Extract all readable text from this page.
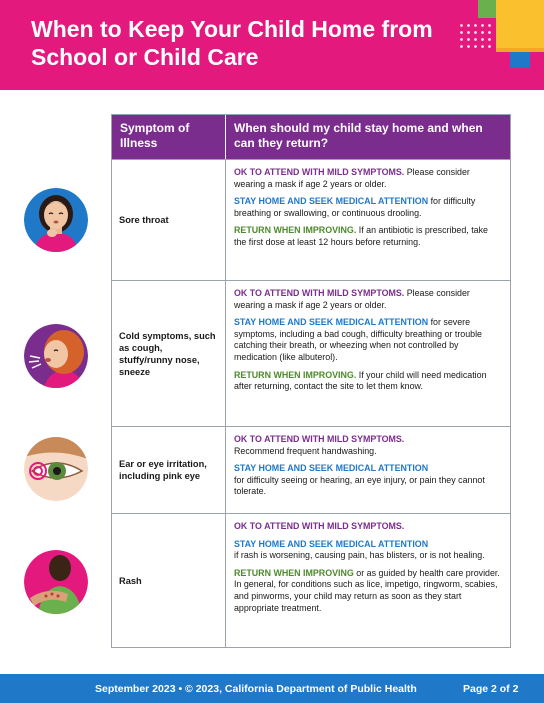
When to Keep Your Child Home from School or Child Care
Symptom of Illness
When should my child stay home and when can they return?
Sore throat

OK TO ATTEND WITH MILD SYMPTOMS. Please consider wearing a mask if age 2 years or older.

STAY HOME AND SEEK MEDICAL ATTENTION for difficulty breathing or swallowing, or continuous drooling.

RETURN WHEN IMPROVING. If an antibiotic is prescribed, take the first dose at least 12 hours before returning.

Cold symptoms, such as cough, stuffy/runny nose, sneeze

OK TO ATTEND WITH MILD SYMPTOMS. Please consider wearing a mask if age 2 years or older.

STAY HOME AND SEEK MEDICAL ATTENTION for severe symptoms, including a bad cough, difficulty breathing or trouble catching their breath, or wheezing when not controlled by medication (like albuterol).

RETURN WHEN IMPROVING. If your child will need medication after returning, contact the site to let them know.

Ear or eye irritation, including pink eye

OK TO ATTEND WITH MILD SYMPTOMS.
Recommend frequent handwashing.

STAY HOME AND SEEK MEDICAL ATTENTION
for difficulty seeing or hearing, an eye injury, or pain they cannot tolerate.

Rash

OK TO ATTEND WITH MILD SYMPTOMS.

STAY HOME AND SEEK MEDICAL ATTENTION
if rash is worsening, causing pain, has blisters, or is not healing.

RETURN WHEN IMPROVING or as guided by health care provider. In general, for conditions such as lice, impetigo, ringworm, scabies, and pinworms, your child may return as soon as they start appropriate treatment.

September 2023 • © 2023, California Department of Public Health	Page 2 of 2
